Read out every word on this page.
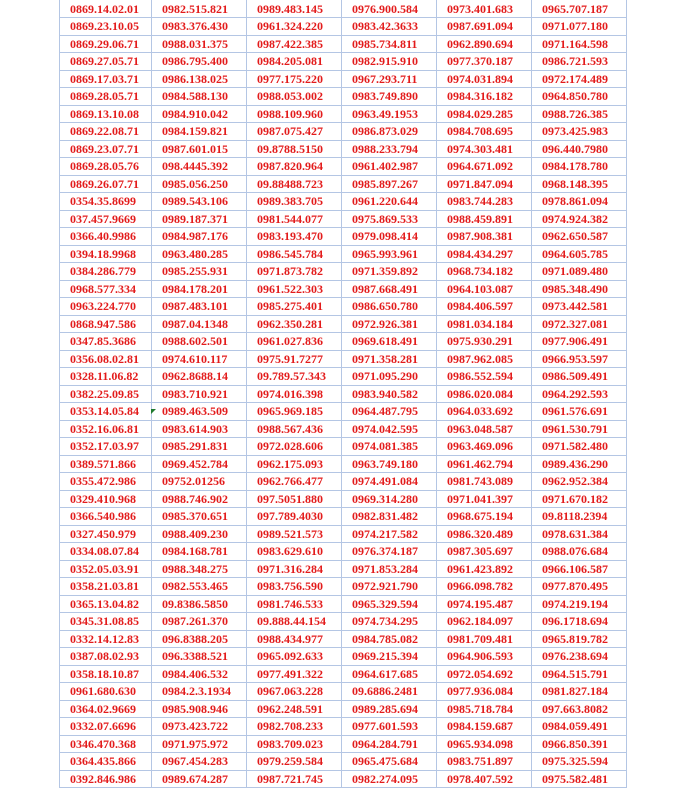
0869.14.02.01	0982.515.821	0989.483.145	0976.900.584	0973.401.683	0965.707.187
0869.23.10.05	0983.376.430	0961.324.220	0983.42.3633	0987.691.094	0971.077.180
0869.29.06.71	0988.031.375	0987.422.385	0985.734.811	0962.890.694	0971.164.598
0869.27.05.71	0986.795.400	0984.205.081	0982.915.910	0977.370.187	0986.721.593
0869.17.03.71	0986.138.025	0977.175.220	0967.293.711	0974.031.894	0972.174.489
0869.28.05.71	0984.588.130	0988.053.002	0983.749.890	0984.316.182	0964.850.780
0869.13.10.08	0984.910.042	0988.109.960	0963.49.1953	0984.029.285	0988.726.385
0869.22.08.71	0984.159.821	0987.075.427	0986.873.029	0984.708.695	0973.425.983
0869.23.07.71	0987.601.015	09.8788.5150	0988.233.794	0974.303.481	096.440.7980
0869.28.05.76	098.4445.392	0987.820.964	0961.402.987	0964.671.092	0984.178.780
0869.26.07.71	0985.056.250	09.88488.723	0985.897.267	0971.847.094	0968.148.395
0354.35.8699	0989.543.106	0989.383.705	0961.220.644	0983.744.283	0978.861.094
037.457.9669	0989.187.371	0981.544.077	0975.869.533	0988.459.891	0974.924.382
0366.40.9986	0984.987.176	0983.193.470	0979.098.414	0987.908.381	0962.650.587
0394.18.9968	0963.480.285	0986.545.784	0965.993.961	0984.434.297	0964.605.785
0384.286.779	0985.255.931	0971.873.782	0971.359.892	0968.734.182	0971.089.480
0968.577.334	0984.178.201	0961.522.303	0987.668.491	0964.103.087	0985.348.490
0963.224.770	0987.483.101	0985.275.401	0986.650.780	0984.406.597	0973.442.581
0868.947.586	0987.04.1348	0962.350.281	0972.926.381	0981.034.184	0972.327.081
0347.85.3686	0988.602.501	0961.027.836	0969.618.491	0975.930.291	0977.906.491
0356.08.02.81	0974.610.117	0975.91.7277	0971.358.281	0987.962.085	0966.953.597
0328.11.06.82	0962.8688.14	09.789.57.343	0971.095.290	0986.552.594	0986.509.491
0382.25.09.85	0983.710.921	0974.016.398	0983.940.582	0986.020.084	0964.292.593
0353.14.05.84	0989.463.509	0965.969.185	0964.487.795	0964.033.692	0961.576.691
0352.16.06.81	0983.614.903	0988.567.436	0974.042.595	0963.048.587	0961.530.791
0352.17.03.97	0985.291.831	0972.028.606	0974.081.385	0963.469.096	0971.582.480
0389.571.866	0969.452.784	0962.175.093	0963.749.180	0961.462.794	0989.436.290
0355.472.986	09752.01256	0962.766.477	0974.491.084	0981.743.089	0962.952.384
0329.410.968	0988.746.902	097.5051.880	0969.314.280	0971.041.397	0971.670.182
0366.540.986	0985.370.651	097.789.4030	0982.831.482	0968.675.194	09.8118.2394
0327.450.979	0988.409.230	0989.521.573	0974.217.582	0986.320.489	0978.631.384
0334.08.07.84	0984.168.781	0983.629.610	0976.374.187	0987.305.697	0988.076.684
0352.05.03.91	0988.348.275	0971.316.284	0971.853.284	0961.423.892	0966.106.587
0358.21.03.81	0982.553.465	0983.756.590	0972.921.790	0966.098.782	0977.870.495
0365.13.04.82	09.8386.5850	0981.746.533	0965.329.594	0974.195.487	0974.219.194
0345.31.08.85	0987.261.370	09.888.44.154	0974.734.295	0962.184.097	096.1718.694
0332.14.12.83	096.8388.205	0988.434.977	0984.785.082	0981.709.481	0965.819.782
0387.08.02.93	096.3388.521	0965.092.633	0969.215.394	0964.906.593	0976.238.694
0358.18.10.87	0984.406.532	0977.491.322	0964.617.685	0972.054.692	0964.515.791
0961.680.630	0984.2.3.1934	0967.063.228	09.6886.2481	0977.936.084	0981.827.184
0364.02.9669	0985.908.946	0962.248.591	0989.285.694	0985.718.784	097.663.8082
0332.07.6696	0973.423.722	0982.708.233	0977.601.593	0984.159.687	0984.059.491
0346.470.368	0971.975.972	0983.709.023	0964.284.791	0965.934.098	0966.850.391
0364.435.866	0967.454.283	0979.259.584	0965.475.684	0983.751.897	0975.325.594
0392.846.986	0989.674.287	0987.721.745	0982.274.095	0978.407.592	0975.582.481
